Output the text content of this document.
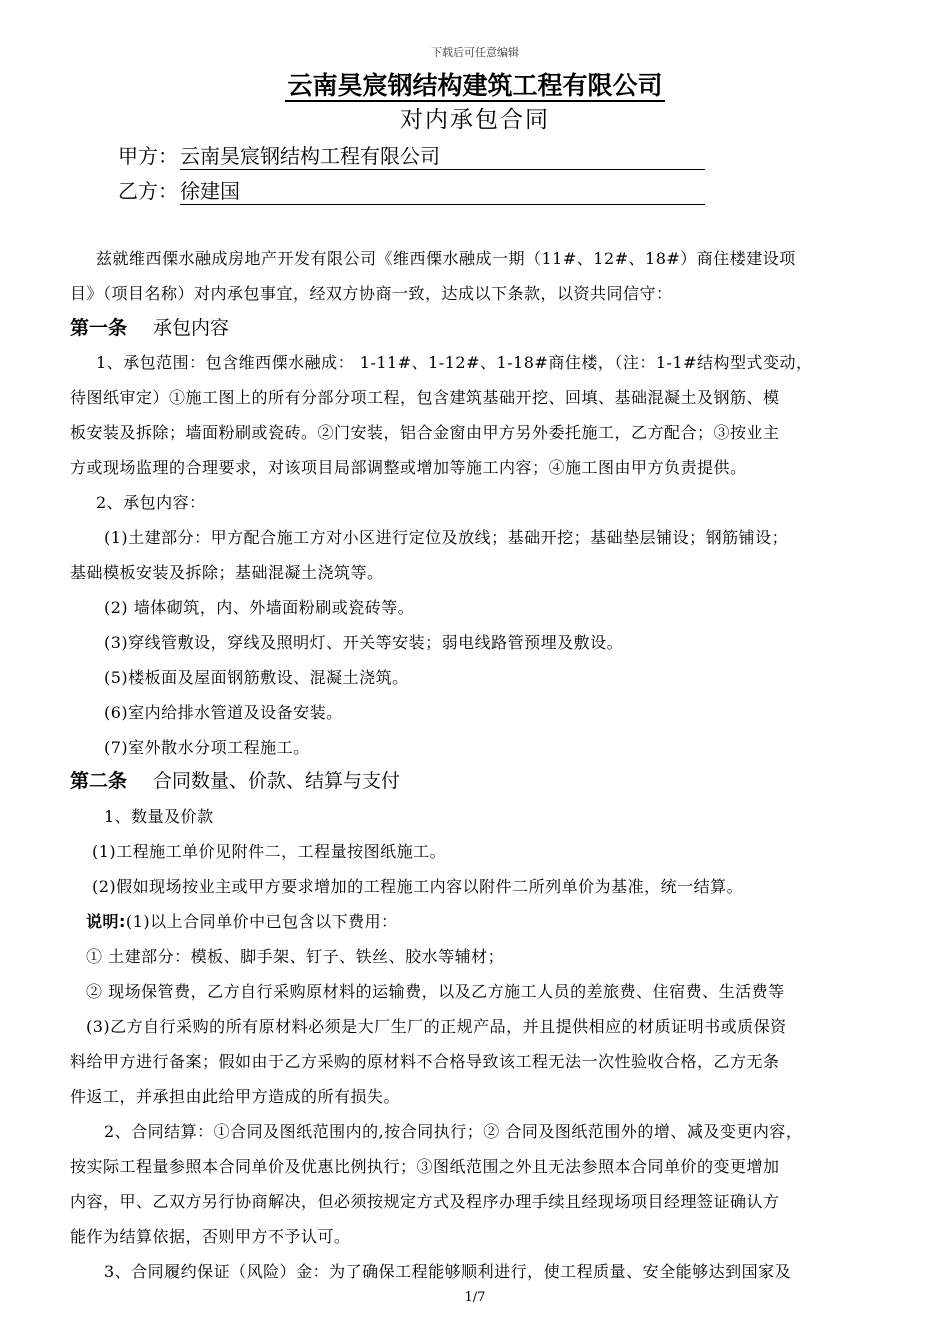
下载后可任意编辑
云南昊宸钢结构建筑工程有限公司
对内承包合同
甲方： 云南昊宸钢结构工程有限公司
乙方： 徐建国
兹就维西傈水融成房地产开发有限公司《维西傈水融成一期（11#、12#、18#）商住楼建设项
目》（项目名称）对内承包事宜，经双方协商一致，达成以下条款，以资共同信守：
第一条 承包内容
1、承包范围：包含维西傈水融成： 1-11#、1-12#、1-18#商住楼，（注：1-1#结构型式变动，
待图纸审定）①施工图上的所有分部分项工程，包含建筑基础开挖、回填、基础混凝土及钢筋、模
板安装及拆除；墙面粉刷或瓷砖。②门安装，铝合金窗由甲方另外委托施工，乙方配合；③按业主
方或现场监理的合理要求，对该项目局部调整或增加等施工内容；④施工图由甲方负责提供。
2、承包内容：
(1)土建部分：甲方配合施工方对小区进行定位及放线；基础开挖；基础垫层铺设；钢筋铺设；
基础模板安装及拆除；基础混凝土浇筑等。
(2) 墙体砌筑，内、外墙面粉刷或瓷砖等。
(3)穿线管敷设，穿线及照明灯、开关等安装；弱电线路管预埋及敷设。
(5)楼板面及屋面钢筋敷设、混凝土浇筑。
(6)室内给排水管道及设备安装。
(7)室外散水分项工程施工。
第二条 合同数量、价款、结算与支付
1、数量及价款
(1)工程施工单价见附件二，工程量按图纸施工。
(2)假如现场按业主或甲方要求增加的工程施工内容以附件二所列单价为基准，统一结算。
说明:(1)以上合同单价中已包含以下费用：
① 土建部分：模板、脚手架、钉子、铁丝、胶水等辅材；
② 现场保管费，乙方自行采购原材料的运输费，以及乙方施工人员的差旅费、住宿费、生活费等
(3)乙方自行采购的所有原材料必须是大厂生厂的正规产品，并且提供相应的材质证明书或质保资
料给甲方进行备案；假如由于乙方采购的原材料不合格导致该工程无法一次性验收合格，乙方无条
件返工，并承担由此给甲方造成的所有损失。
2、合同结算：①合同及图纸范围内的,按合同执行；② 合同及图纸范围外的增、减及变更内容，
按实际工程量参照本合同单价及优惠比例执行；③图纸范围之外且无法参照本合同单价的变更增加
内容，甲、乙双方另行协商解决，但必须按规定方式及程序办理手续且经现场项目经理签证确认方
能作为结算依据，否则甲方不予认可。
3、合同履约保证（风险）金：为了确保工程能够顺利进行，使工程质量、安全能够达到国家及
1/7
